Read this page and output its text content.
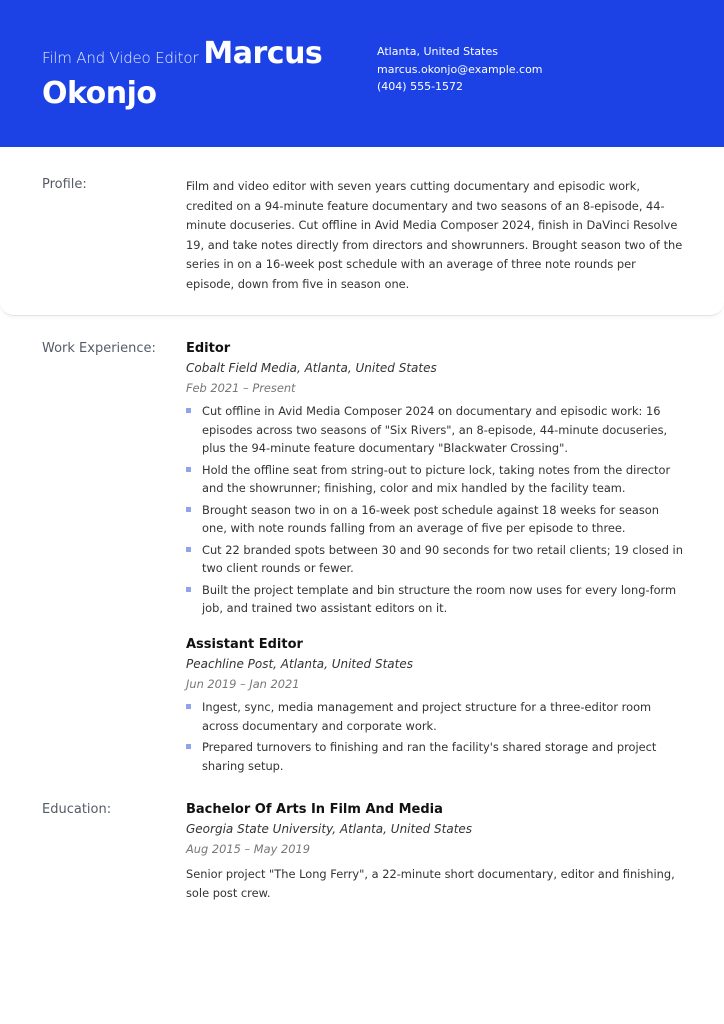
Film And Video Editor Marcus
Okonjo
Atlanta, United States
marcus.okonjo@example.com
(404) 555-1572
Profile:	Film and video editor with seven years cutting documentary and episodic work, credited on a 94-minute feature documentary and two seasons of an 8-episode, 44-minute docuseries. Cut offline in Avid Media Composer 2024, finish in DaVinci Resolve 19, and take notes directly from directors and showrunners. Brought season two of the series in on a 16-week post schedule with an average of three note rounds per episode, down from five in season one.
Work Experience: Editor
Cobalt Field Media, Atlanta, United States
Feb 2021 – Present
Cut offline in Avid Media Composer 2024 on documentary and episodic work: 16 episodes across two seasons of "Six Rivers", an 8-episode, 44-minute docuseries, plus the 94-minute feature documentary "Blackwater Crossing".
Hold the offline seat from string-out to picture lock, taking notes from the director and the showrunner; finishing, color and mix handled by the facility team.
Brought season two in on a 16-week post schedule against 18 weeks for season one, with note rounds falling from an average of five per episode to three.
Cut 22 branded spots between 30 and 90 seconds for two retail clients; 19 closed in two client rounds or fewer.
Built the project template and bin structure the room now uses for every long-form job, and trained two assistant editors on it.
Assistant Editor
Peachline Post, Atlanta, United States
Jun 2019 – Jan 2021
Ingest, sync, media management and project structure for a three-editor room across documentary and corporate work.
Prepared turnovers to finishing and ran the facility's shared storage and project sharing setup.
Education:	Bachelor Of Arts In Film And Media
Georgia State University, Atlanta, United States
Aug 2015 – May 2019
Senior project "The Long Ferry", a 22-minute short documentary, editor and finishing, sole post crew.
